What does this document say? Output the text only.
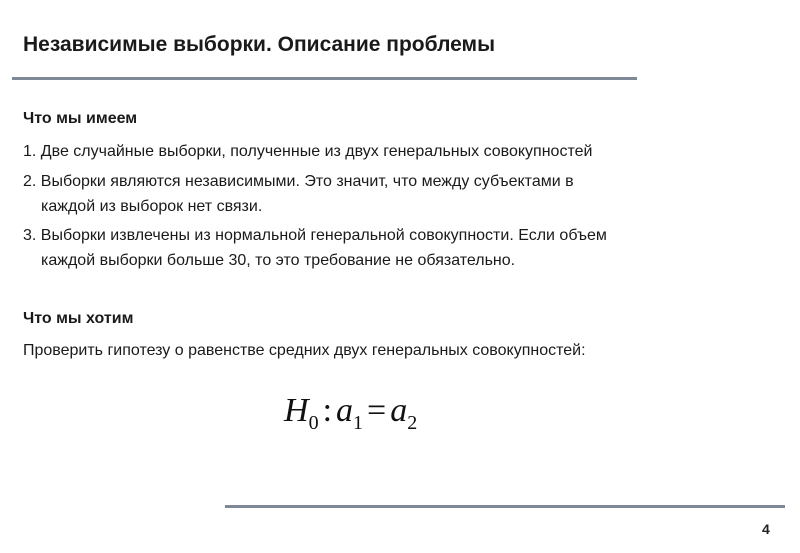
Независимые выборки. Описание проблемы
Что мы имеем

1. Две случайные выборки, полученные из двух генеральных совокупностей

2. Выборки являются независимыми. Это значит, что между субъектами в
каждой из выборок нет связи.

3. Выборки извлечены из нормальной генеральной совокупности. Если объем
каждой выборки больше 30, то это требование не обязательно.

Что мы хотим

Проверить гипотезу о равенстве средних двух генеральных совокупностей:

$H_0$ : $a_1 = a_2$
4
